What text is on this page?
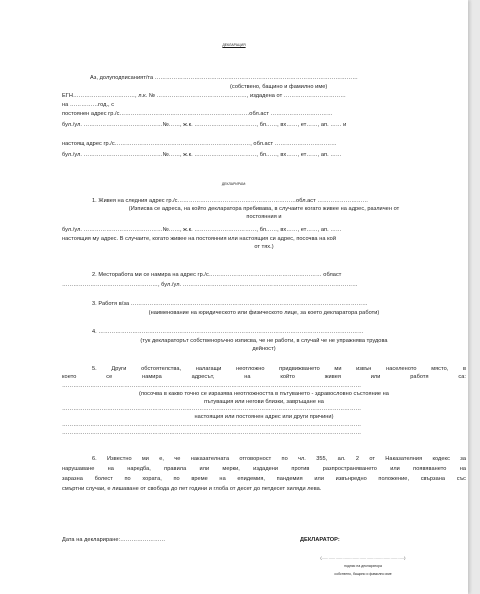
ДЕКЛАРАЦИЯ
Аз, долуподписаният/та ………………………………………………………………………………………………
(собствено, бащино и фамилно име)
ЕГН……………………………, л.к. № …………………………………………, издадена от ……………………………
на ……………год., с
постоянен адрес гр./с……………………………………………………………обл.аст ……………………………
бул./ул. ……………………………………№……, ж.к. ……………………………, бл……, вх……, ет……, ап. …… и
настоящ адрес гр./с………………………………………………………………, обл.аст ……………………………
бул./ул. ……………………………………№……, ж.к. ……………………………, бл……, вх……, ет……, ап. ……
ДЕКЛАРИРАМ:
1. Живея на следния адрес гр./с………………………………………………………обл.аст ………………………
(Изписва се адреса, на който декларатора пребивава, в случаите когато живее на адрес, различен от
постоянния и
бул./ул. ……………………………………№……, ж.к. ……………………………, бл……, вх……, ет……, ап. ……
настоящия му адрес. В случаите, когато живее на постоянния или настоящия си адрес, посочва на кой
от тях.)
2. Месторабота ми се намира на адрес гр./с…………………………………………………… област
……………………………………………, бул./ул. …………………………………………………………………………………
3. Работя в/за ………………………………………………………………………………………………………………
(наименование на юридическото или физическото лице, за което декларатора работи)
4. ……………………………………………………………………………………………………………………………
(тук деклараторът собственоръчно изписва, че не работи, в случай че не упражнява трудова
дейност)
5. Други обстоятелства, налагащи неотложно придвижването ми извън населеното място, в
което се намира адресът, на който живея или работя са:
……………………………………………………………………………………………………………………………………………
(посочва в какво точно се изразява неотложността в пътуването - здравословно състояние на
пътуващия или негови близки, завръщане на
……………………………………………………………………………………………………………………………………………
настоящия или постоянен адрес или други причини)
……………………………………………………………………………………………………………………………………………
……………………………………………………………………………………………………………………………………………
6. Известно ми е, че наказателната отговорност по чл. 355, ал. 2 от Наказателния кодекс за
нарушаване на наредба, правила или мерки, издадени против разпространяването или появяването на
заразна болест по хората, по време на епидемия, пандемия или извънредно положение, свързана със
смъртни случаи, е лишаване от свобода до пет години и глоба от десет до петдесет хиляди лева.
Дата на деклариране:……………………	ДЕКЛАРАТОР:
(………………………………………………………………)
подпис на декларатора
собствено, бащино и фамилно име
